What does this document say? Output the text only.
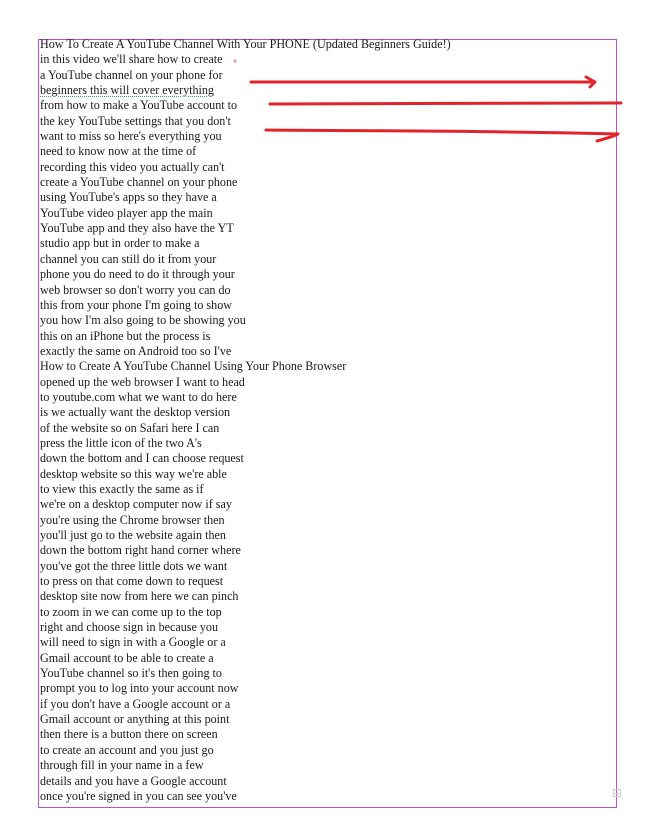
How To Create A YouTube Channel With Your PHONE (Updated Beginners Guide!)
in this video we'll share how to create
a YouTube channel on your phone for
beginners this will cover everything
from how to make a YouTube account to
the key YouTube settings that you don't
want to miss so here's everything you
need to know now at the time of
recording this video you actually can't
create a YouTube channel on your phone
using YouTube's apps so they have a
YouTube video player app the main
YouTube app and they also have the YT
studio app but in order to make a
channel you can still do it from your
phone you do need to do it through your
web browser so don't worry you can do
this from your phone I'm going to show
you how I'm also going to be showing you
this on an iPhone but the process is
exactly the same on Android too so I've
How to Create A YouTube Channel Using Your Phone Browser
opened up the web browser I want to head
to youtube.com what we want to do here
is we actually want the desktop version
of the website so on Safari here I can
press the little icon of the two A's
down the bottom and I can choose request
desktop website so this way we're able
to view this exactly the same as if
we're on a desktop computer now if say
you're using the Chrome browser then
you'll just go to the website again then
down the bottom right hand corner where
you've got the three little dots we want
to press on that come down to request
desktop site now from here we can pinch
to zoom in we can come up to the top
right and choose sign in because you
will need to sign in with a Google or a
Gmail account to be able to create a
YouTube channel so it's then going to
prompt you to log into your account now
if you don't have a Google account or a
Gmail account or anything at this point
then there is a button there on screen
to create an account and you just go
through fill in your name in a few
details and you have a Google account
once you're signed in you can see you've
